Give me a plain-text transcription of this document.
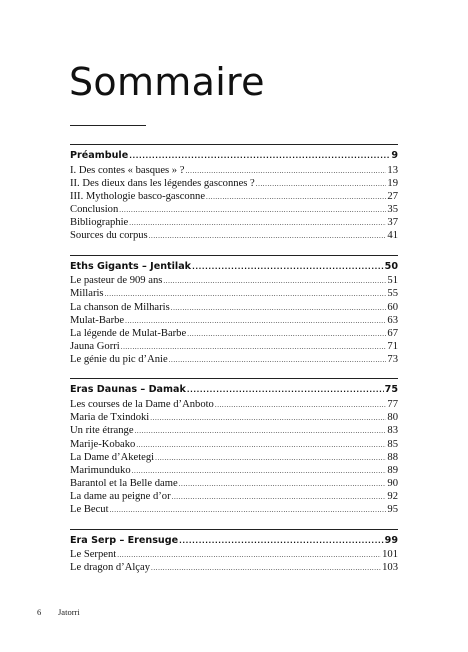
Sommaire
Préambule .....	9
I. Des contes « basques » ? .....	13
II. Des dieux dans les légendes gasconnes ? .....	19
III. Mythologie basco-gasconne .....	27
Conclusion .....	35
Bibliographie .....	37
Sources du corpus .....	41
Eths Gigants – Jentilak .....	50
Le pasteur de 909 ans .....	51
Millaris .....	55
La chanson de Milharis .....	60
Mulat-Barbe .....	63
La légende de Mulat-Barbe .....	67
Jauna Gorri .....	71
Le génie du pic d’Anie .....	73
Eras Daunas – Damak .....	75
Les courses de la Dame d’Anboto .....	77
Maria de Txindoki .....	80
Un rite étrange .....	83
Marije-Kobako .....	85
La Dame d’Aketegi .....	88
Marimunduko .....	89
Barantol et la Belle dame .....	90
La dame au peigne d’or .....	92
Le Becut .....	95
Era Serp – Erensuge .....	99
Le Serpent .....	101
Le dragon d’Alçay .....	103
6 Jatorri
